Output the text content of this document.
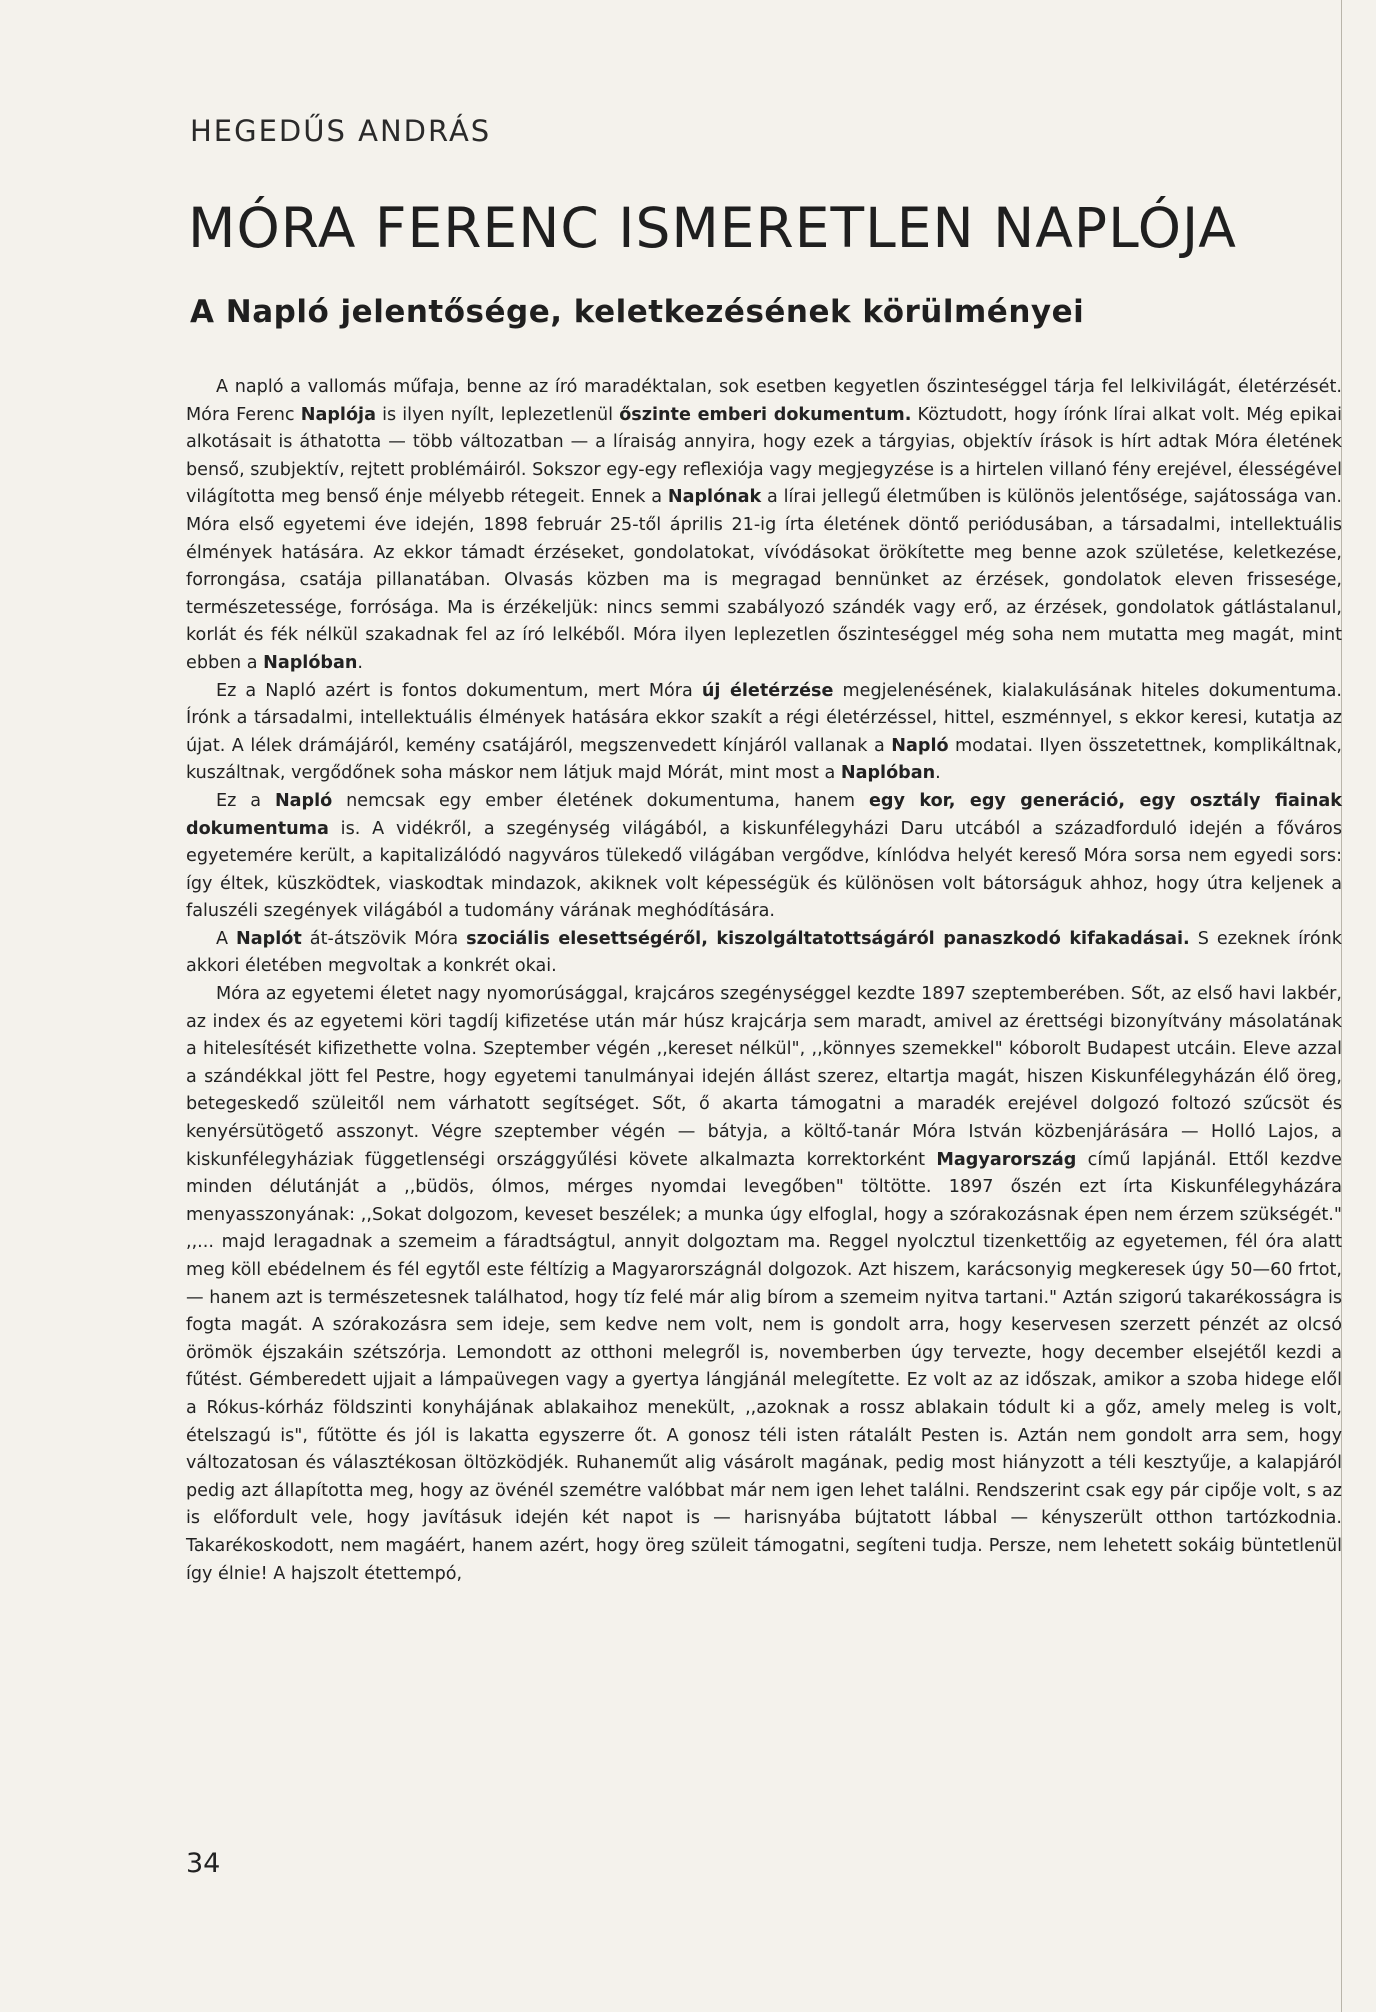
HEGEDŰS ANDRÁS
MÓRA FERENC ISMERETLEN NAPLÓJA
A Napló jelentősége, keletkezésének körülményei

A napló a vallomás műfaja, benne az író maradéktalan, sok esetben kegyetlen őszinteséggel tárja fel lelkivilágát, életérzését. Móra Ferenc Naplója is ilyen nyílt, leplezetlenül őszinte emberi dokumentum. Köztudott, hogy írónk lírai alkat volt. Még epikai alkotásait is áthatotta — több változatban — a líraiság annyira, hogy ezek a tárgyias, objektív írások is hírt adtak Móra életének benső, szubjektív, rejtett problémáiról. Sokszor egy-egy reflexiója vagy megjegyzése is a hirtelen villanó fény erejével, élességével világította meg benső énje mélyebb rétegeit. Ennek a Naplónak a lírai jellegű életműben is különös jelentősége, sajátossága van. Móra első egyetemi éve idején, 1898 február 25-től április 21-ig írta életének döntő periódusában, a társadalmi, intellektuális élmények hatására. Az ekkor támadt érzéseket, gondolatokat, vívódásokat örökítette meg benne azok születése, keletkezése, forrongása, csatája pillanatában. Olvasás közben ma is megragad bennünket az érzések, gondolatok eleven frissesége, természetessége, forrósága. Ma is érzékeljük: nincs semmi szabályozó szándék vagy erő, az érzések, gondolatok gátlástalanul, korlát és fék nélkül szakadnak fel az író lelkéből. Móra ilyen leplezetlen őszinteséggel még soha nem mutatta meg magát, mint ebben a Naplóban.

Ez a Napló azért is fontos dokumentum, mert Móra új életérzése megjelenésének, kialakulásának hiteles dokumentuma. Írónk a társadalmi, intellektuális élmények hatására ekkor szakít a régi életérzéssel, hittel, eszménnyel, s ekkor keresi, kutatja az újat. A lélek drámájáról, kemény csatájáról, megszenvedett kínjáról vallanak a Napló modatai. Ilyen összetettnek, komplikáltnak, kuszáltnak, vergődőnek soha máskor nem látjuk majd Mórát, mint most a Naplóban.

Ez a Napló nemcsak egy ember életének dokumentuma, hanem egy kor, egy generáció, egy osztály fiainak dokumentuma is. A vidékről, a szegénység világából, a kiskunfélegyházi Daru utcából a századforduló idején a főváros egyetemére került, a kapitalizálódó nagyváros tülekedő világában vergődve, kínlódva helyét kereső Móra sorsa nem egyedi sors: így éltek, küszködtek, viaskodtak mindazok, akiknek volt képességük és különösen volt bátorságuk ahhoz, hogy útra keljenek a faluszéli szegények világából a tudomány várának meghódítására.

A Naplót át-átszövik Móra szociális elesettségéről, kiszolgáltatottságáról panaszkodó kifakadásai. S ezeknek írónk akkori életében megvoltak a konkrét okai.

Móra az egyetemi életet nagy nyomorúsággal, krajcáros szegénységgel kezdte 1897 szeptemberében. Sőt, az első havi lakbér, az index és az egyetemi köri tagdíj kifizetése után már húsz krajcárja sem maradt, amivel az érettségi bizonyítvány másolatának a hitelesítését kifizethette volna. Szeptember végén ,,kereset nélkül", ,,könnyes szemekkel" kóborolt Budapest utcáin. Eleve azzal a szándékkal jött fel Pestre, hogy egyetemi tanulmányai idején állást szerez, eltartja magát, hiszen Kiskunfélegyházán élő öreg, betegeskedő szüleitől nem várhatott segítséget. Sőt, ő akarta támogatni a maradék erejével dolgozó foltozó szűcsöt és kenyérsütögető asszonyt. Végre szeptember végén — bátyja, a költő-tanár Móra István közbenjárására — Holló Lajos, a kiskunfélegyháziak függetlenségi országgyűlési követe alkalmazta korrektorként Magyarország című lapjánál. Ettől kezdve minden délutánját a ,,büdös, ólmos, mérges nyomdai levegőben" töltötte. 1897 őszén ezt írta Kiskunfélegyházára menyasszonyának: ,,Sokat dolgozom, keveset beszélek; a munka úgy elfoglal, hogy a szórakozásnak épen nem érzem szükségét." ,,... majd leragadnak a szemeim a fáradtságtul, annyit dolgoztam ma. Reggel nyolcztul tizenkettőig az egyetemen, fél óra alatt meg köll ebédelnem és fél egytől este féltízig a Magyarországnál dolgozok. Azt hiszem, karácsonyig megkeresek úgy 50—60 frtot, — hanem azt is természetesnek találhatod, hogy tíz felé már alig bírom a szemeim nyitva tartani." Aztán szigorú takarékosságra is fogta magát. A szórakozásra sem ideje, sem kedve nem volt, nem is gondolt arra, hogy keservesen szerzett pénzét az olcsó örömök éjszakáin szétszórja. Lemondott az otthoni melegről is, novemberben úgy tervezte, hogy december elsejétől kezdi a fűtést. Gémberedett ujjait a lámpaüvegen vagy a gyertya lángjánál melegítette. Ez volt az az időszak, amikor a szoba hidege elől a Rókus-kórház földszinti konyhájának ablakaihoz menekült, ,,azoknak a rossz ablakain tódult ki a gőz, amely meleg is volt, ételszagú is", fűtötte és jól is lakatta egyszerre őt. A gonosz téli isten rátalált Pesten is. Aztán nem gondolt arra sem, hogy változatosan és választékosan öltözködjék. Ruhaneműt alig vásárolt magának, pedig most hiányzott a téli kesztyűje, a kalapjáról pedig azt állapította meg, hogy az övénél szemétre valóbbat már nem igen lehet találni. Rendszerint csak egy pár cipője volt, s az is előfordult vele, hogy javításuk idején két napot is — harisnyába bújtatott lábbal — kényszerült otthon tartózkodnia. Takarékoskodott, nem magáért, hanem azért, hogy öreg szüleit támogatni, segíteni tudja. Persze, nem lehetett sokáig büntetlenül így élnie! A hajszolt étettempó,

34
